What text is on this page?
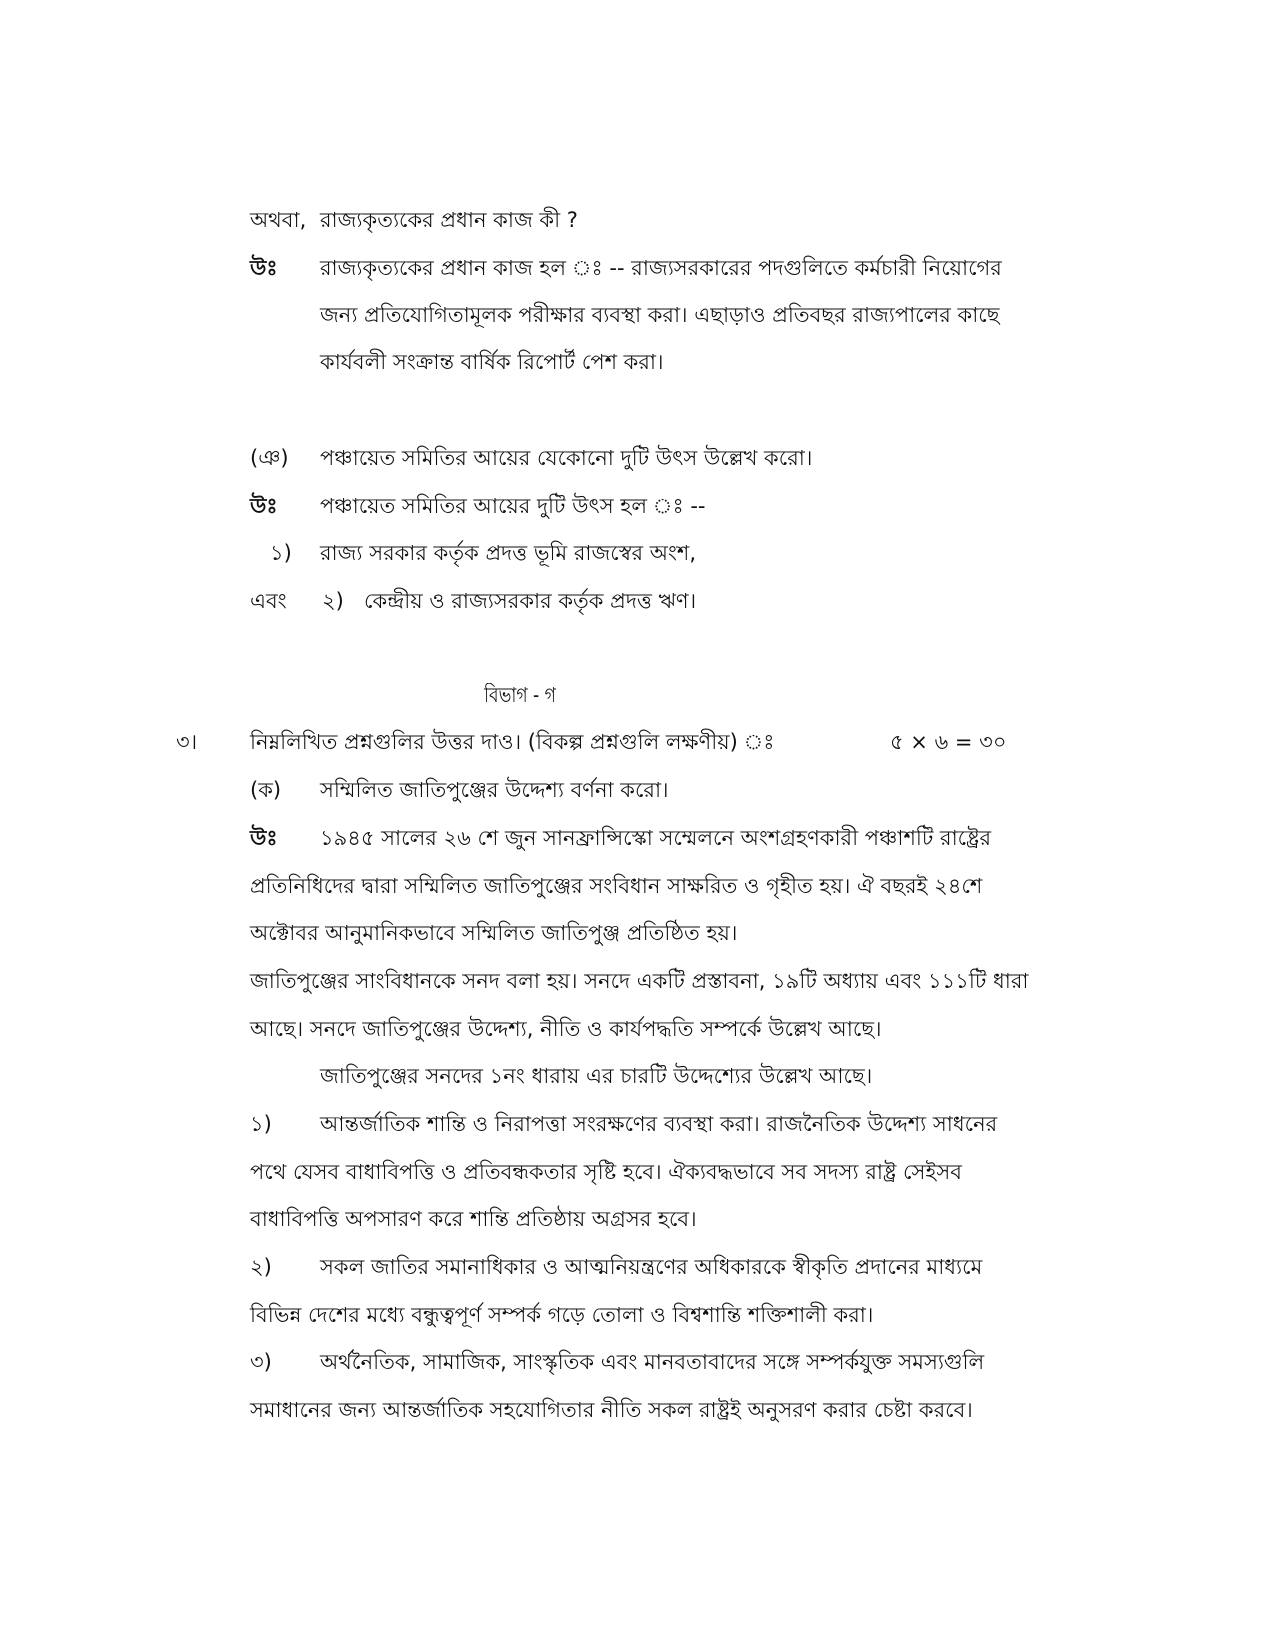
অথবা, রাজ্যকৃত্যকের প্রধান কাজ কী ?
উঃ রাজ্যকৃত্যকের প্রধান কাজ হল ঃ -- রাজ্যসরকারের পদগুলিতে কর্মচারী নিয়োগের
জন্য প্রতিযোগিতামূলক পরীক্ষার ব্যবস্থা করা। এছাড়াও প্রতিবছর রাজ্যপালের কাছে
কার্যবলী সংক্রান্ত বার্ষিক রিপোর্ট পেশ করা।
(ঞ) পঞ্চায়েত সমিতির আয়ের যেকোনো দুটি উৎস উল্লেখ করো।
উঃ পঞ্চায়েত সমিতির আয়ের দুটি উৎস হল ঃ --
১) রাজ্য সরকার কর্তৃক প্রদত্ত ভূমি রাজস্বের অংশ,
এবং ২) কেন্দ্রীয় ও রাজ্যসরকার কর্তৃক প্রদত্ত ঋণ।
বিভাগ - গ
৩।	নিম্নলিখিত প্রশ্নগুলির উত্তর দাও। (বিকল্প প্রশ্নগুলি লক্ষণীয়) ঃ	৫ × ৬ = ৩০
(ক) সম্মিলিত জাতিপুঞ্জের উদ্দেশ্য বর্ণনা করো।
উঃ ১৯৪৫ সালের ২৬ শে জুন সানফ্রান্সিস্কো সম্মেলনে অংশগ্রহণকারী পঞ্চাশটি রাষ্ট্রের
প্রতিনিধিদের দ্বারা সম্মিলিত জাতিপুঞ্জের সংবিধান সাক্ষরিত ও গৃহীত হয়। ঐ বছরই ২৪শে
অক্টোবর আনুমানিকভাবে সম্মিলিত জাতিপুঞ্জ প্রতিষ্ঠিত হয়।
জাতিপুঞ্জের সাংবিধানকে সনদ বলা হয়। সনদে একটি প্রস্তাবনা, ১৯টি অধ্যায় এবং ১১১টি ধারা
আছে। সনদে জাতিপুঞ্জের উদ্দেশ্য, নীতি ও কার্যপদ্ধতি সম্পর্কে উল্লেখ আছে।
জাতিপুঞ্জের সনদের ১নং ধারায় এর চারটি উদ্দেশ্যের উল্লেখ আছে।
১) আন্তর্জাতিক শান্তি ও নিরাপত্তা সংরক্ষণের ব্যবস্থা করা। রাজনৈতিক উদ্দেশ্য সাধনের
পথে যেসব বাধাবিপত্তি ও প্রতিবন্ধকতার সৃষ্টি হবে। ঐক্যবদ্ধভাবে সব সদস্য রাষ্ট্র সেইসব
বাধাবিপত্তি অপসারণ করে শান্তি প্রতিষ্ঠায় অগ্রসর হবে।
২) সকল জাতির সমানাধিকার ও আত্মনিয়ন্ত্রণের অধিকারকে স্বীকৃতি প্রদানের মাধ্যমে
বিভিন্ন দেশের মধ্যে বন্ধুত্বপূর্ণ সম্পর্ক গড়ে তোলা ও বিশ্বশান্তি শক্তিশালী করা।
৩) অর্থনৈতিক, সামাজিক, সাংস্কৃতিক এবং মানবতাবাদের সঙ্গে সম্পর্কযুক্ত সমস্যগুলি
সমাধানের জন্য আন্তর্জাতিক সহযোগিতার নীতি সকল রাষ্ট্রই অনুসরণ করার চেষ্টা করবে।
